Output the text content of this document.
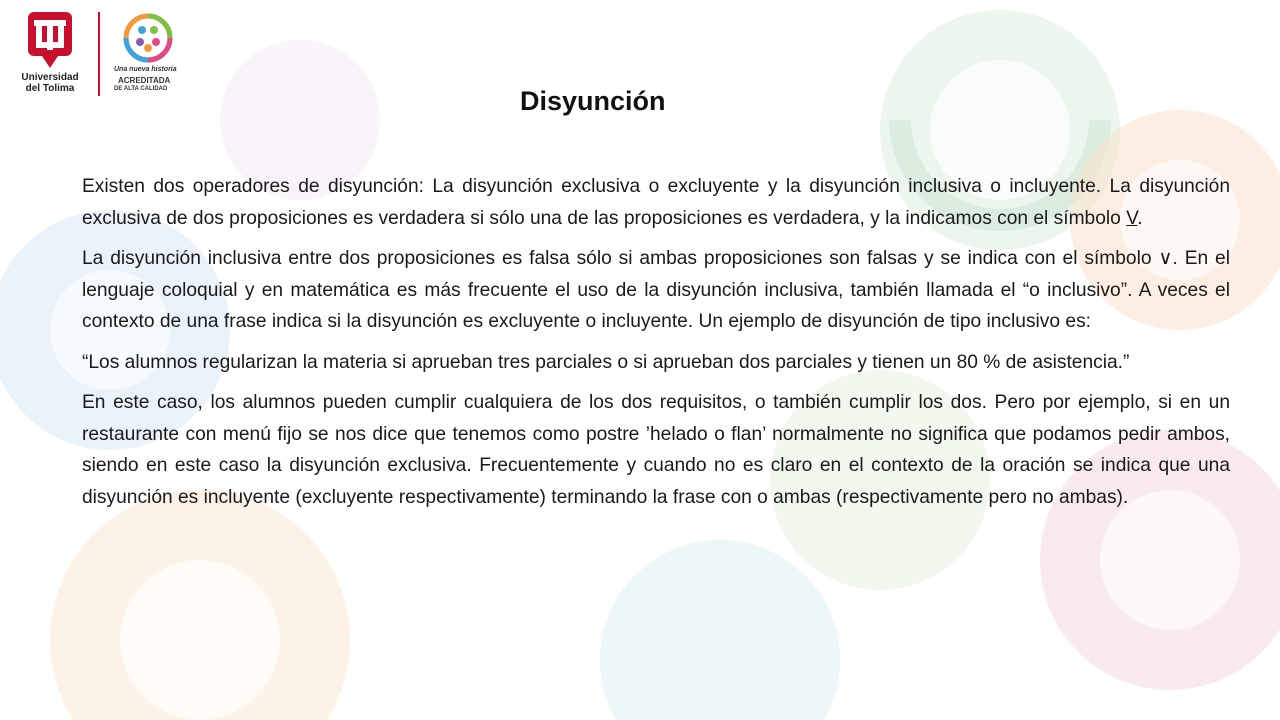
Universidad
del Tolima
Una nueva historia
ACREDITADA
DE ALTA CALIDAD	Disyunción

Existen dos operadores de disyunción: La disyunción exclusiva o excluyente y la disyunción inclusiva o incluyente. La disyunción exclusiva de dos proposiciones es verdadera si sólo una de las proposiciones es verdadera, y la indicamos con el símbolo V.

La disyunción inclusiva entre dos proposiciones es falsa sólo si ambas proposiciones son falsas y se indica con el símbolo ∨. En el lenguaje coloquial y en matemática es más frecuente el uso de la disyunción inclusiva, también llamada el “o inclusivo”. A veces el contexto de una frase indica si la disyunción es excluyente o incluyente. Un ejemplo de disyunción de tipo inclusivo es:

“Los alumnos regularizan la materia si aprueban tres parciales o si aprueban dos parciales y tienen un 80 % de asistencia.”

En este caso, los alumnos pueden cumplir cualquiera de los dos requisitos, o también cumplir los dos. Pero por ejemplo, si en un restaurante con menú fijo se nos dice que tenemos como postre ’helado o flan’ normalmente no significa que podamos pedir ambos, siendo en este caso la disyunción exclusiva. Frecuentemente y cuando no es claro en el contexto de la oración se indica que una disyunción es incluyente (excluyente respectivamente) terminando la frase con o ambas (respectivamente pero no ambas).
